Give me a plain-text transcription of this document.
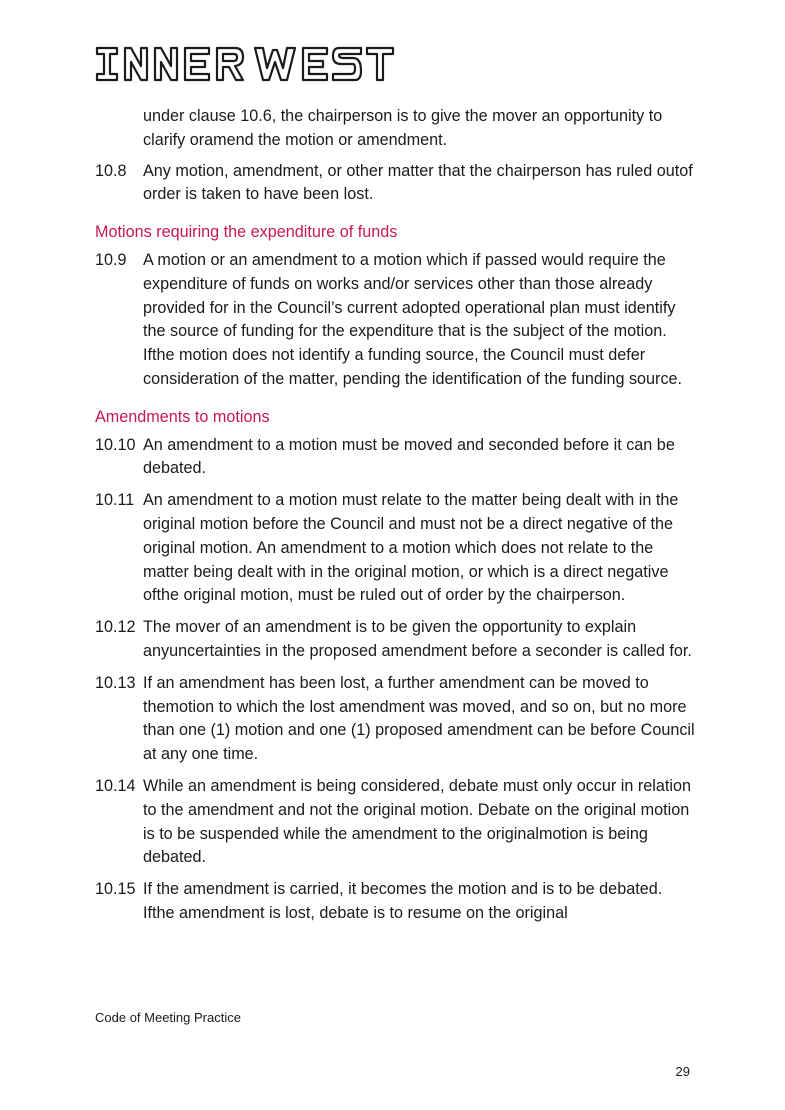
under clause 10.6, the chairperson is to give the mover an opportunity to clarify oramend the motion or amendment.
10.8 Any motion, amendment, or other matter that the chairperson has ruled outof order is taken to have been lost.
Motions requiring the expenditure of funds
10.9 A motion or an amendment to a motion which if passed would require the expenditure of funds on works and/or services other than those already provided for in the Council’s current adopted operational plan must identify the source of funding for the expenditure that is the subject of the motion. Ifthe motion does not identify a funding source, the Council must defer consideration of the matter, pending the identification of the funding source.
Amendments to motions
10.10 An amendment to a motion must be moved and seconded before it can be debated.
10.11 An amendment to a motion must relate to the matter being dealt with in the original motion before the Council and must not be a direct negative of the original motion. An amendment to a motion which does not relate to the matter being dealt with in the original motion, or which is a direct negative ofthe original motion, must be ruled out of order by the chairperson.
10.12 The mover of an amendment is to be given the opportunity to explain anyuncertainties in the proposed amendment before a seconder is called for.
10.13 If an amendment has been lost, a further amendment can be moved to themotion to which the lost amendment was moved, and so on, but no more than one (1) motion and one (1) proposed amendment can be before Council at any one time.
10.14 While an amendment is being considered, debate must only occur in relation to the amendment and not the original motion. Debate on the original motion is to be suspended while the amendment to the originalmotion is being debated.
10.15 If the amendment is carried, it becomes the motion and is to be debated. Ifthe amendment is lost, debate is to resume on the original
Code of Meeting Practice
29
